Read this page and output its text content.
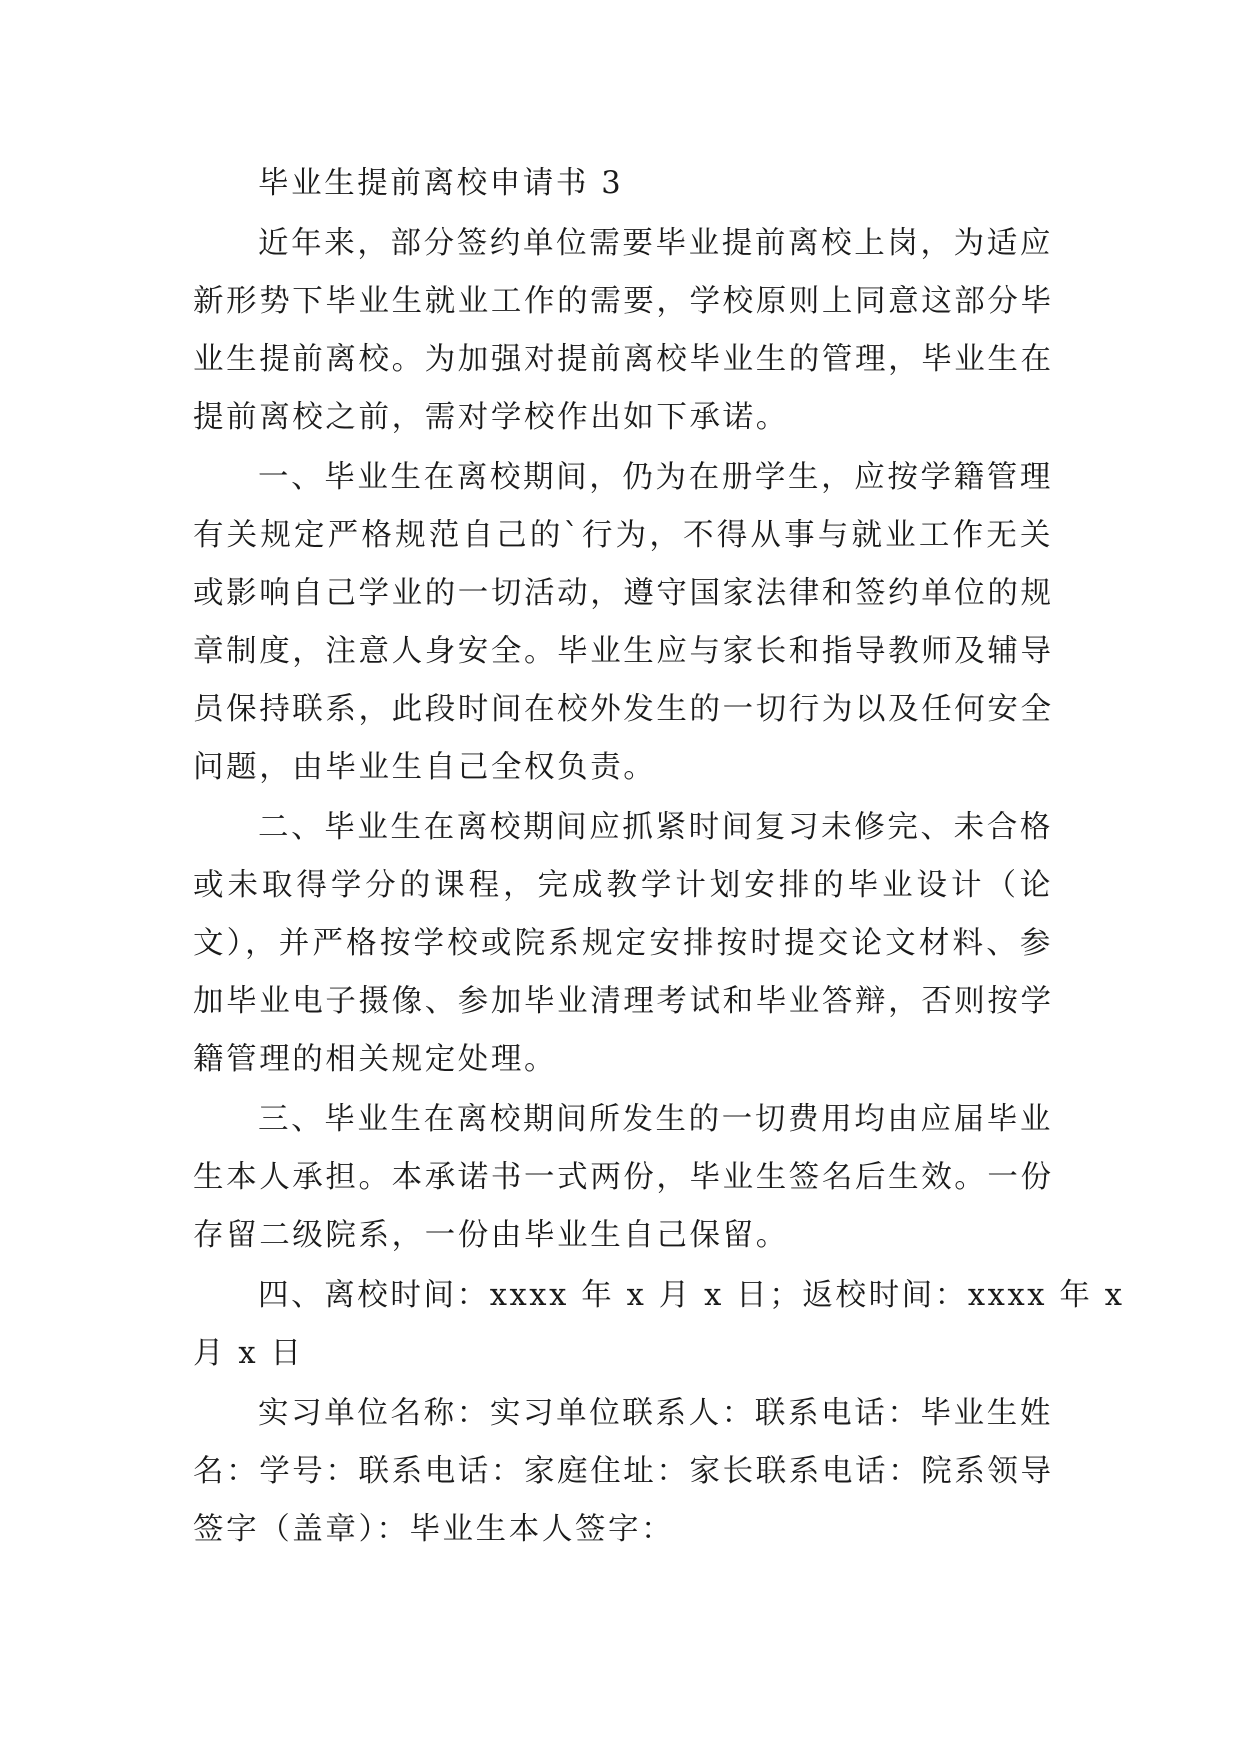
毕业生提前离校申请书 3

近年来，部分签约单位需要毕业提前离校上岗，为适应

新形势下毕业生就业工作的需要，学校原则上同意这部分毕

业生提前离校。为加强对提前离校毕业生的管理，毕业生在

提前离校之前，需对学校作出如下承诺。

一、毕业生在离校期间，仍为在册学生，应按学籍管理

有关规定严格规范自己的`行为，不得从事与就业工作无关

或影响自己学业的一切活动，遵守国家法律和签约单位的规

章制度，注意人身安全。毕业生应与家长和指导教师及辅导

员保持联系，此段时间在校外发生的一切行为以及任何安全

问题，由毕业生自己全权负责。

二、毕业生在离校期间应抓紧时间复习未修完、未合格

或未取得学分的课程，完成教学计划安排的毕业设计（论

文），并严格按学校或院系规定安排按时提交论文材料、参

加毕业电子摄像、参加毕业清理考试和毕业答辩，否则按学

籍管理的相关规定处理。

三、毕业生在离校期间所发生的一切费用均由应届毕业

生本人承担。本承诺书一式两份，毕业生签名后生效。一份

存留二级院系，一份由毕业生自己保留。

四、离校时间：xxxx 年 x 月 x 日；返校时间：xxxx 年 x

月 x 日

实习单位名称：实习单位联系人：联系电话：毕业生姓

名：学号：联系电话：家庭住址：家长联系电话：院系领导

签字（盖章）：毕业生本人签字：
